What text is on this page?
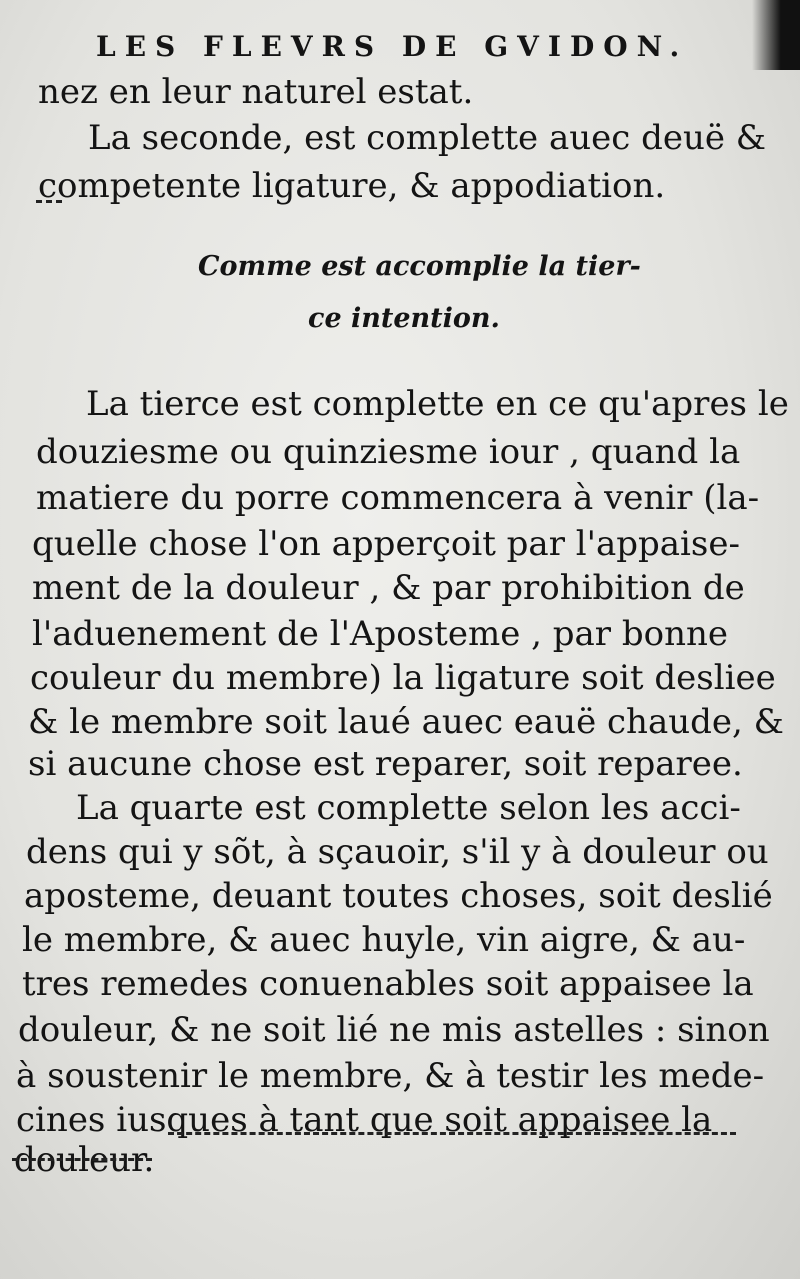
LES FLEVRS DE GVIDON.
nez en leur naturel estat.
La seconde, est complette auec deuë &
competente ligature, & appodiation.
Comme est accomplie la tier-
ce intention.
La tierce est complette en ce qu'apres le
douziesme ou quinziesme iour , quand la
matiere du porre commencera à venir (la-
quelle chose l'on apperçoit par l'appaise-
ment de la douleur , & par prohibition de
l'aduenement de l'Aposteme , par bonne
couleur du membre) la ligature soit desliee
& le membre soit laué auec eauë chaude, &
si aucune chose est reparer, soit reparee.
La quarte est complette selon les acci-
dens qui y sõt, à sçauoir, s'il y à douleur ou
aposteme, deuant toutes choses, soit deslié
le membre, & auec huyle, vin aigre, & au-
tres remedes conuenables soit appaisee la
douleur, & ne soit lié ne mis astelles : sinon
à soustenir le membre, & à testir les mede-
cines iusques à tant que soit appaisee la
douleur.
